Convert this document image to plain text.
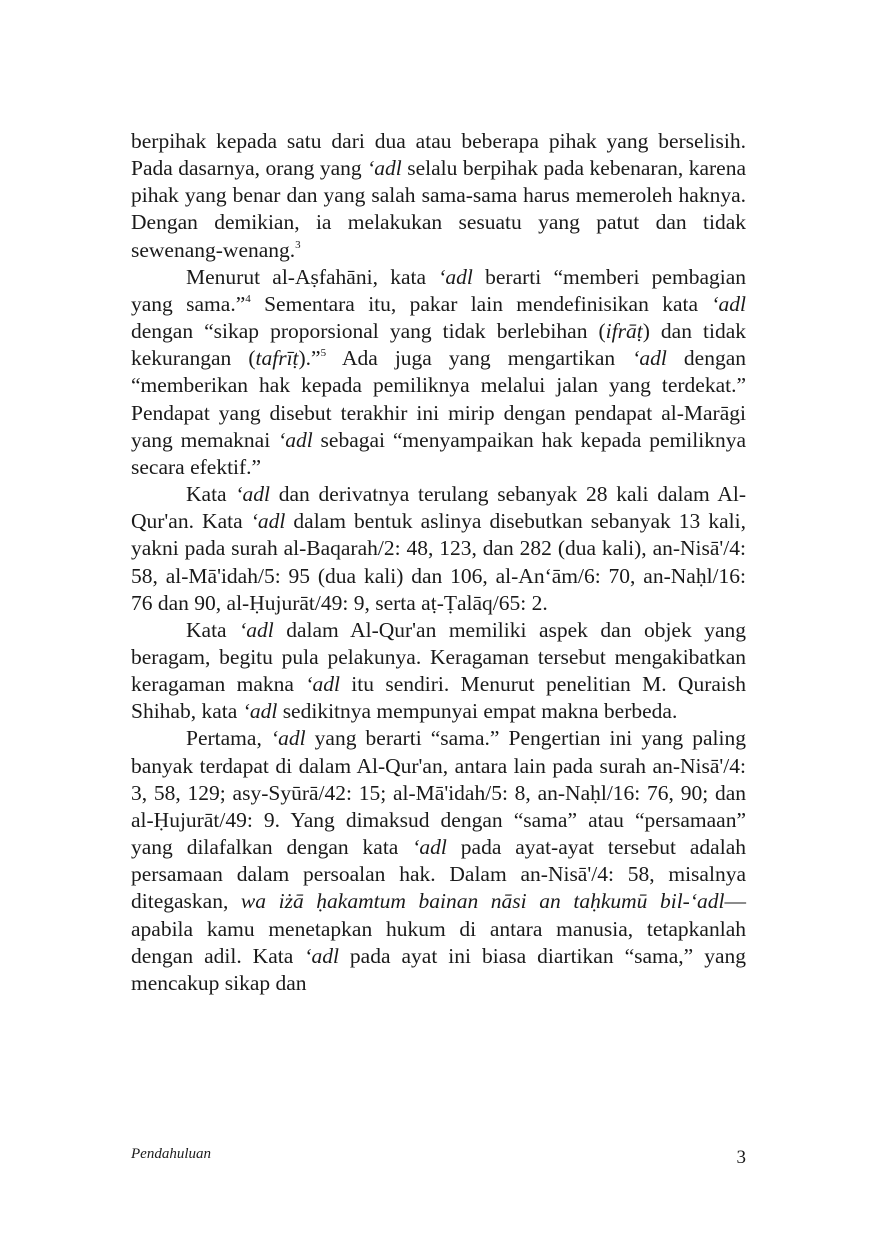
berpihak kepada satu dari dua atau beberapa pihak yang berselisih. Pada dasarnya, orang yang ‘adl selalu berpihak pada kebenaran, karena pihak yang benar dan yang salah sama-sama harus memeroleh haknya. Dengan demikian, ia melakukan sesuatu yang patut dan tidak sewenang-wenang.$^3$

Menurut al-Aṣfahāni, kata ‘adl berarti “memberi pembagian yang sama.”$^4$ Sementara itu, pakar lain mendefinisikan kata ‘adl dengan “sikap proporsional yang tidak berlebihan (ifrāṭ) dan tidak kekurangan (tafrīṭ).”$^5$ Ada juga yang mengartikan ‘adl dengan “memberikan hak kepada pemiliknya melalui jalan yang terdekat.” Pendapat yang disebut terakhir ini mirip dengan pendapat al-Marāgi yang memaknai ‘adl sebagai “menyampaikan hak kepada pemiliknya secara efektif.”

Kata ‘adl dan derivatnya terulang sebanyak 28 kali dalam Al-Qur'an. Kata ‘adl dalam bentuk aslinya disebutkan sebanyak 13 kali, yakni pada surah al-Baqarah/2: 48, 123, dan 282 (dua kali), an-Nisā'/4: 58, al-Mā'idah/5: 95 (dua kali) dan 106, al-An‘ām/6: 70, an-Naḥl/16: 76 dan 90, al-Ḥujurāt/49: 9, serta aṭ-Ṭalāq/65: 2.

Kata ‘adl dalam Al-Qur'an memiliki aspek dan objek yang beragam, begitu pula pelakunya. Keragaman tersebut mengakibatkan keragaman makna ‘adl itu sendiri. Menurut penelitian M. Quraish Shihab, kata ‘adl sedikitnya mempunyai empat makna berbeda.

Pertama, ‘adl yang berarti “sama.” Pengertian ini yang paling banyak terdapat di dalam Al-Qur'an, antara lain pada surah an-Nisā'/4: 3, 58, 129; asy-Syūrā/42: 15; al-Mā'idah/5: 8, an-Naḥl/16: 76, 90; dan al-Ḥujurāt/49: 9. Yang dimaksud dengan “sama” atau “persamaan” yang dilafalkan dengan kata ‘adl pada ayat-ayat tersebut adalah persamaan dalam persoalan hak. Dalam an-Nisā'/4: 58, misalnya ditegaskan, wa iżā ḥakamtum bainan nāsi an taḥkumū bil-‘adl—apabila kamu menetapkan hukum di antara manusia, tetapkanlah dengan adil. Kata ‘adl pada ayat ini biasa diartikan “sama,” yang mencakup sikap dan

Pendahuluan	3
